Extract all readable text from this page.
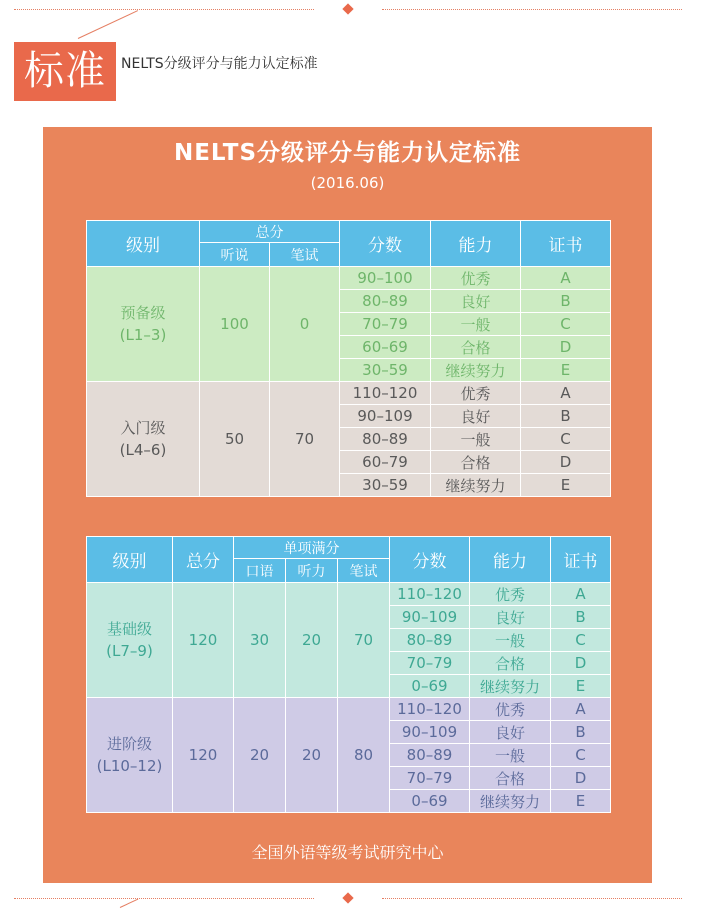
标准	NELTS分级评分与能力认定标准
NELTS分级评分与能力认定标准
(2016.06)
级别	总分		分数	能力	证书
	听说	笔试			
预备级
(L1–3)	100	0	90–100	优秀	A
			80–89	良好	B
			70–79	一般	C
			60–69	合格	D
			30–59	继续努力	E
入门级
(L4–6)	50	70	110–120	优秀	A
			90–109	良好	B
			80–89	一般	C
			60–79	合格	D
			30–59	继续努力	E
级别	总分	单项满分			分数	能力	证书
		口语	听力	笔试			
基础级
(L7–9)	120	30	20	70	110–120	优秀	A
					90–109	良好	B
					80–89	一般	C
					70–79	合格	D
					0–69	继续努力	E
进阶级
(L10–12)	120	20	20	80	110–120	优秀	A
					90–109	良好	B
					80–89	一般	C
					70–79	合格	D
					0–69	继续努力	E
全国外语等级考试研究中心
